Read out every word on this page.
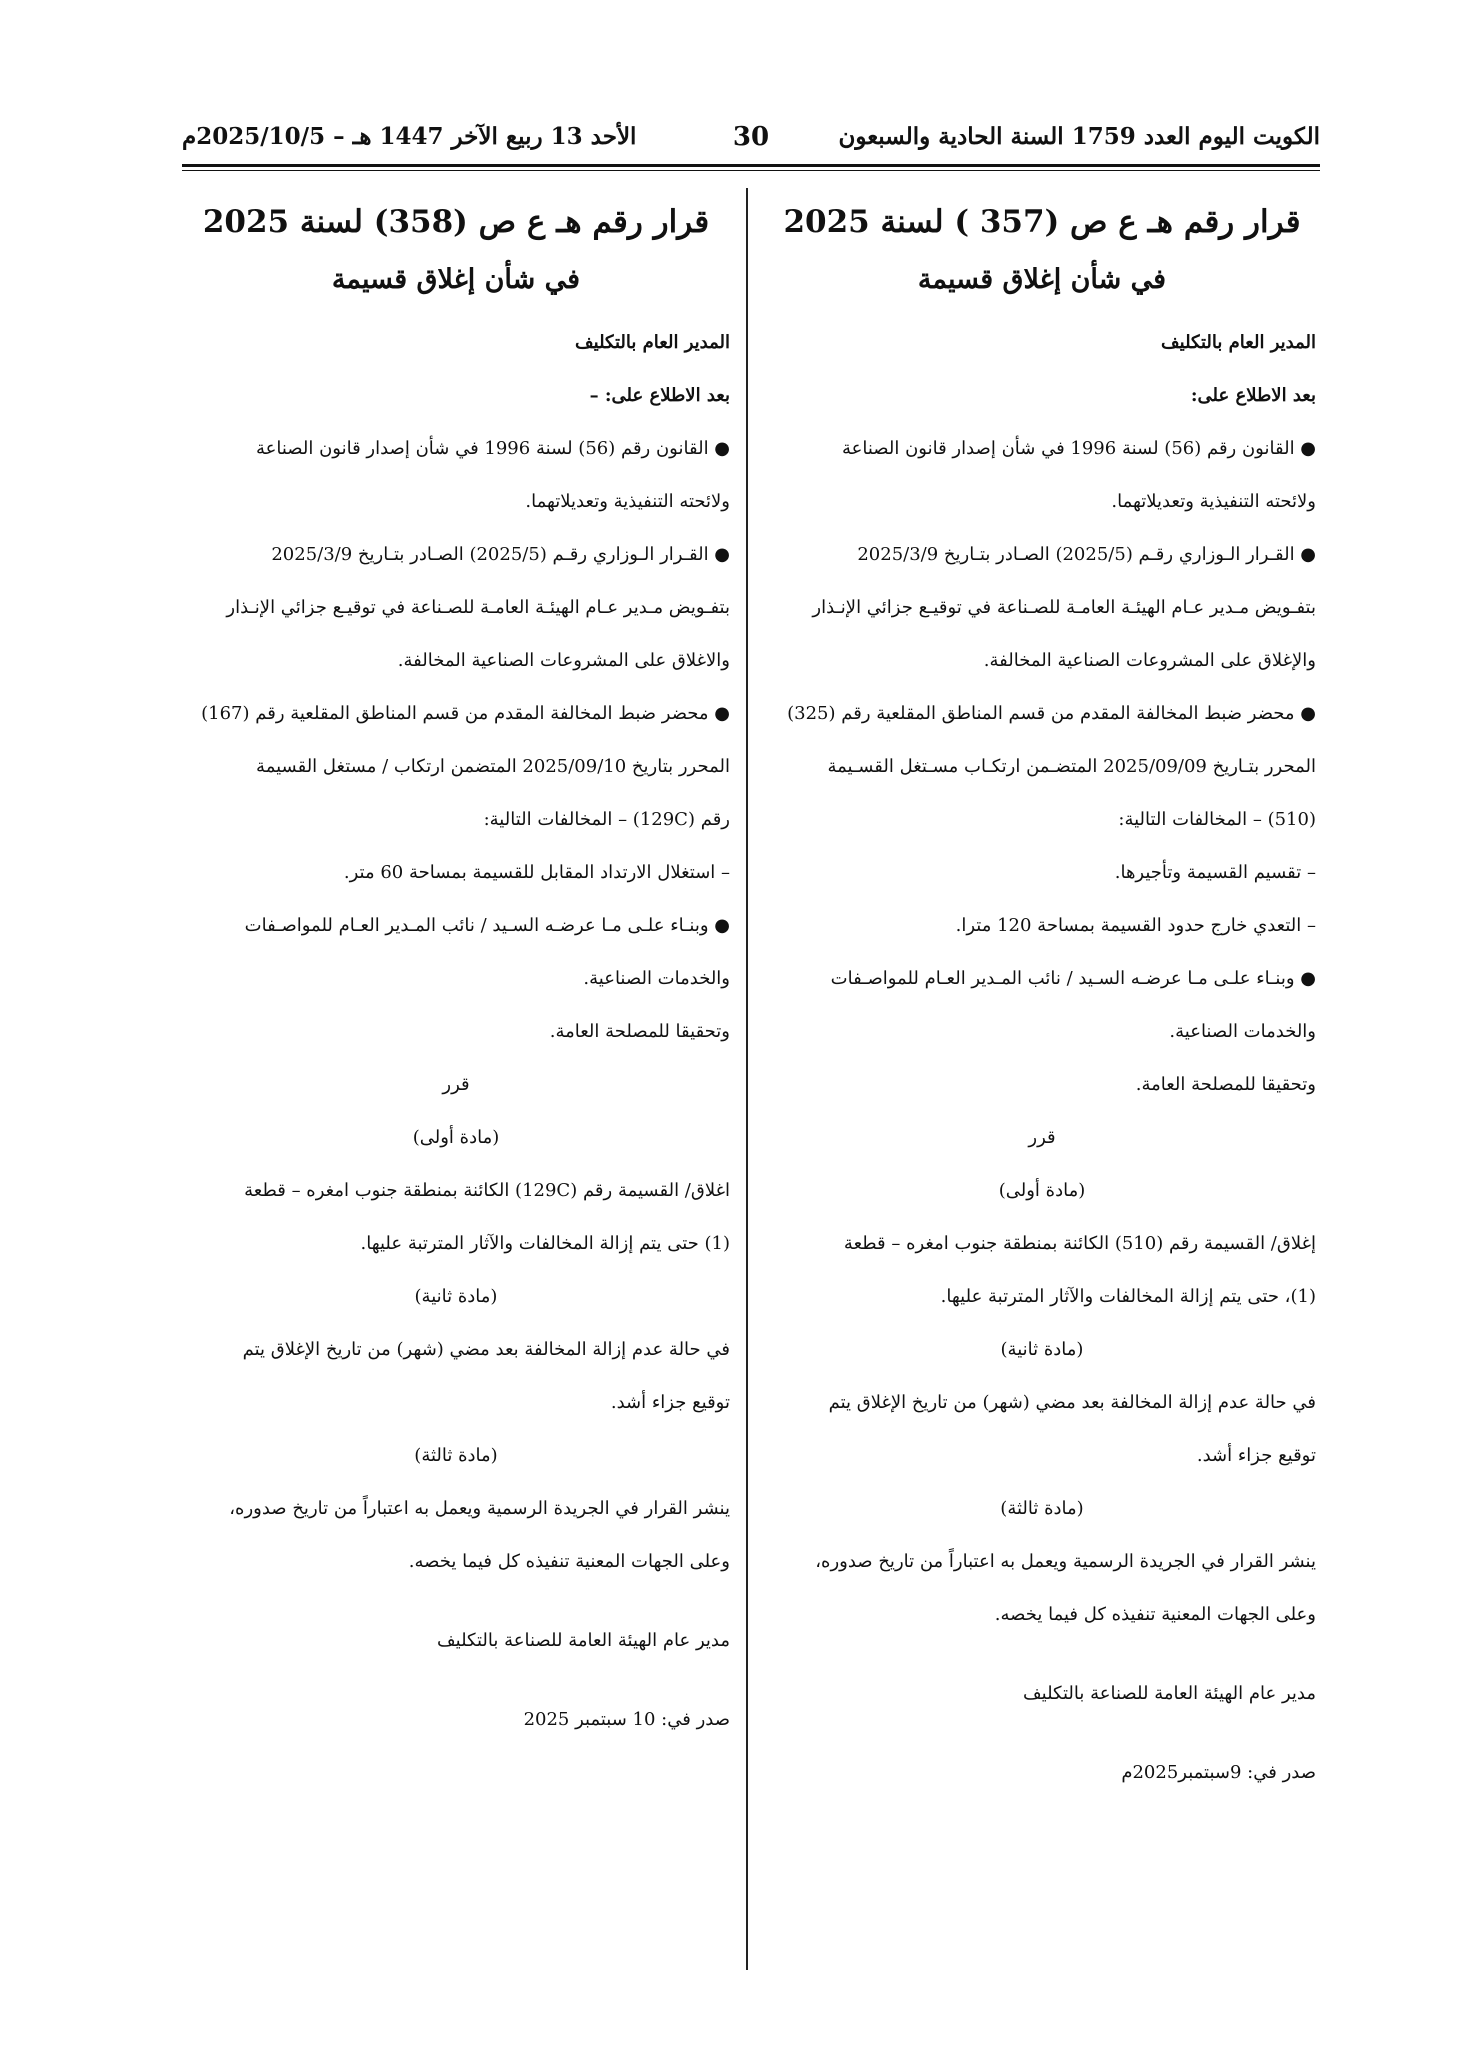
الكويت اليوم العدد 1759 السنة الحادية والسبعون
30
الأحد 13 ربيع الآخر 1447 هـ – 2025/10/5م
قرار رقم هـ ع ص (357 ) لسنة 2025
في شأن إغلاق قسيمة

المدير العام بالتكليف

بعد الاطلاع على:

● القانون رقم (56) لسنة 1996 في شأن إصدار قانون الصناعة

ولائحته التنفيذية وتعديلاتهما.

● القـرار الـوزاري رقـم (2025/5) الصـادر بتـاريخ 2025/3/9

بتفـويض مـدير عـام الهيئـة العامـة للصـناعة في توقيـع جزائي الإنـذار

والإغلاق على المشروعات الصناعية المخالفة.

● محضر ضبط المخالفة المقدم من قسم المناطق المقلعية رقم (325)

المحرر بتـاريخ 2025/09/09 المتضـمن ارتكـاب مسـتغل القسـيمة

(510) – المخالفات التالية:

– تقسيم القسيمة وتأجيرها.

– التعدي خارج حدود القسيمة بمساحة 120 مترا.

● وبنـاء علـى مـا عرضـه السـيد / نائب المـدير العـام للمواصـفات

والخدمات الصناعية.

وتحقيقا للمصلحة العامة.

قرر

(مادة أولى)

إغلاق/ القسيمة رقم (510) الكائنة بمنطقة جنوب امغره – قطعة

(1)، حتى يتم إزالة المخالفات والآثار المترتبة عليها.

(مادة ثانية)

في حالة عدم إزالة المخالفة بعد مضي (شهر) من تاريخ الإغلاق يتم

توقيع جزاء أشد.

(مادة ثالثة)

ينشر القرار في الجريدة الرسمية ويعمل به اعتباراً من تاريخ صدوره،

وعلى الجهات المعنية تنفيذه كل فيما يخصه.

مدير عام الهيئة العامة للصناعة بالتكليف

صدر في: 9سبتمبر2025م

قرار رقم هـ ع ص (358) لسنة 2025
في شأن إغلاق قسيمة

المدير العام بالتكليف

بعد الاطلاع على: –

● القانون رقم (56) لسنة 1996 في شأن إصدار قانون الصناعة

ولائحته التنفيذية وتعديلاتهما.

● القـرار الـوزاري رقـم (2025/5) الصـادر بتـاريخ 2025/3/9

بتفـويض مـدير عـام الهيئـة العامـة للصـناعة في توقيـع جزائي الإنـذار

والاغلاق على المشروعات الصناعية المخالفة.

● محضر ضبط المخالفة المقدم من قسم المناطق المقلعية رقم (167)

المحرر بتاريخ 2025/09/10 المتضمن ارتكاب / مستغل القسيمة

رقم (129C) – المخالفات التالية:

– استغلال الارتداد المقابل للقسيمة بمساحة 60 متر.

● وبنـاء علـى مـا عرضـه السـيد / نائب المـدير العـام للمواصـفات

والخدمات الصناعية.

وتحقيقا للمصلحة العامة.

قرر

(مادة أولى)

اغلاق/ القسيمة رقم (129C) الكائنة بمنطقة جنوب امغره – قطعة

(1) حتى يتم إزالة المخالفات والآثار المترتبة عليها.

(مادة ثانية)

في حالة عدم إزالة المخالفة بعد مضي (شهر) من تاريخ الإغلاق يتم

توقيع جزاء أشد.

(مادة ثالثة)

ينشر القرار في الجريدة الرسمية ويعمل به اعتباراً من تاريخ صدوره،

وعلى الجهات المعنية تنفيذه كل فيما يخصه.

مدير عام الهيئة العامة للصناعة بالتكليف

صدر في: 10 سبتمبر 2025
